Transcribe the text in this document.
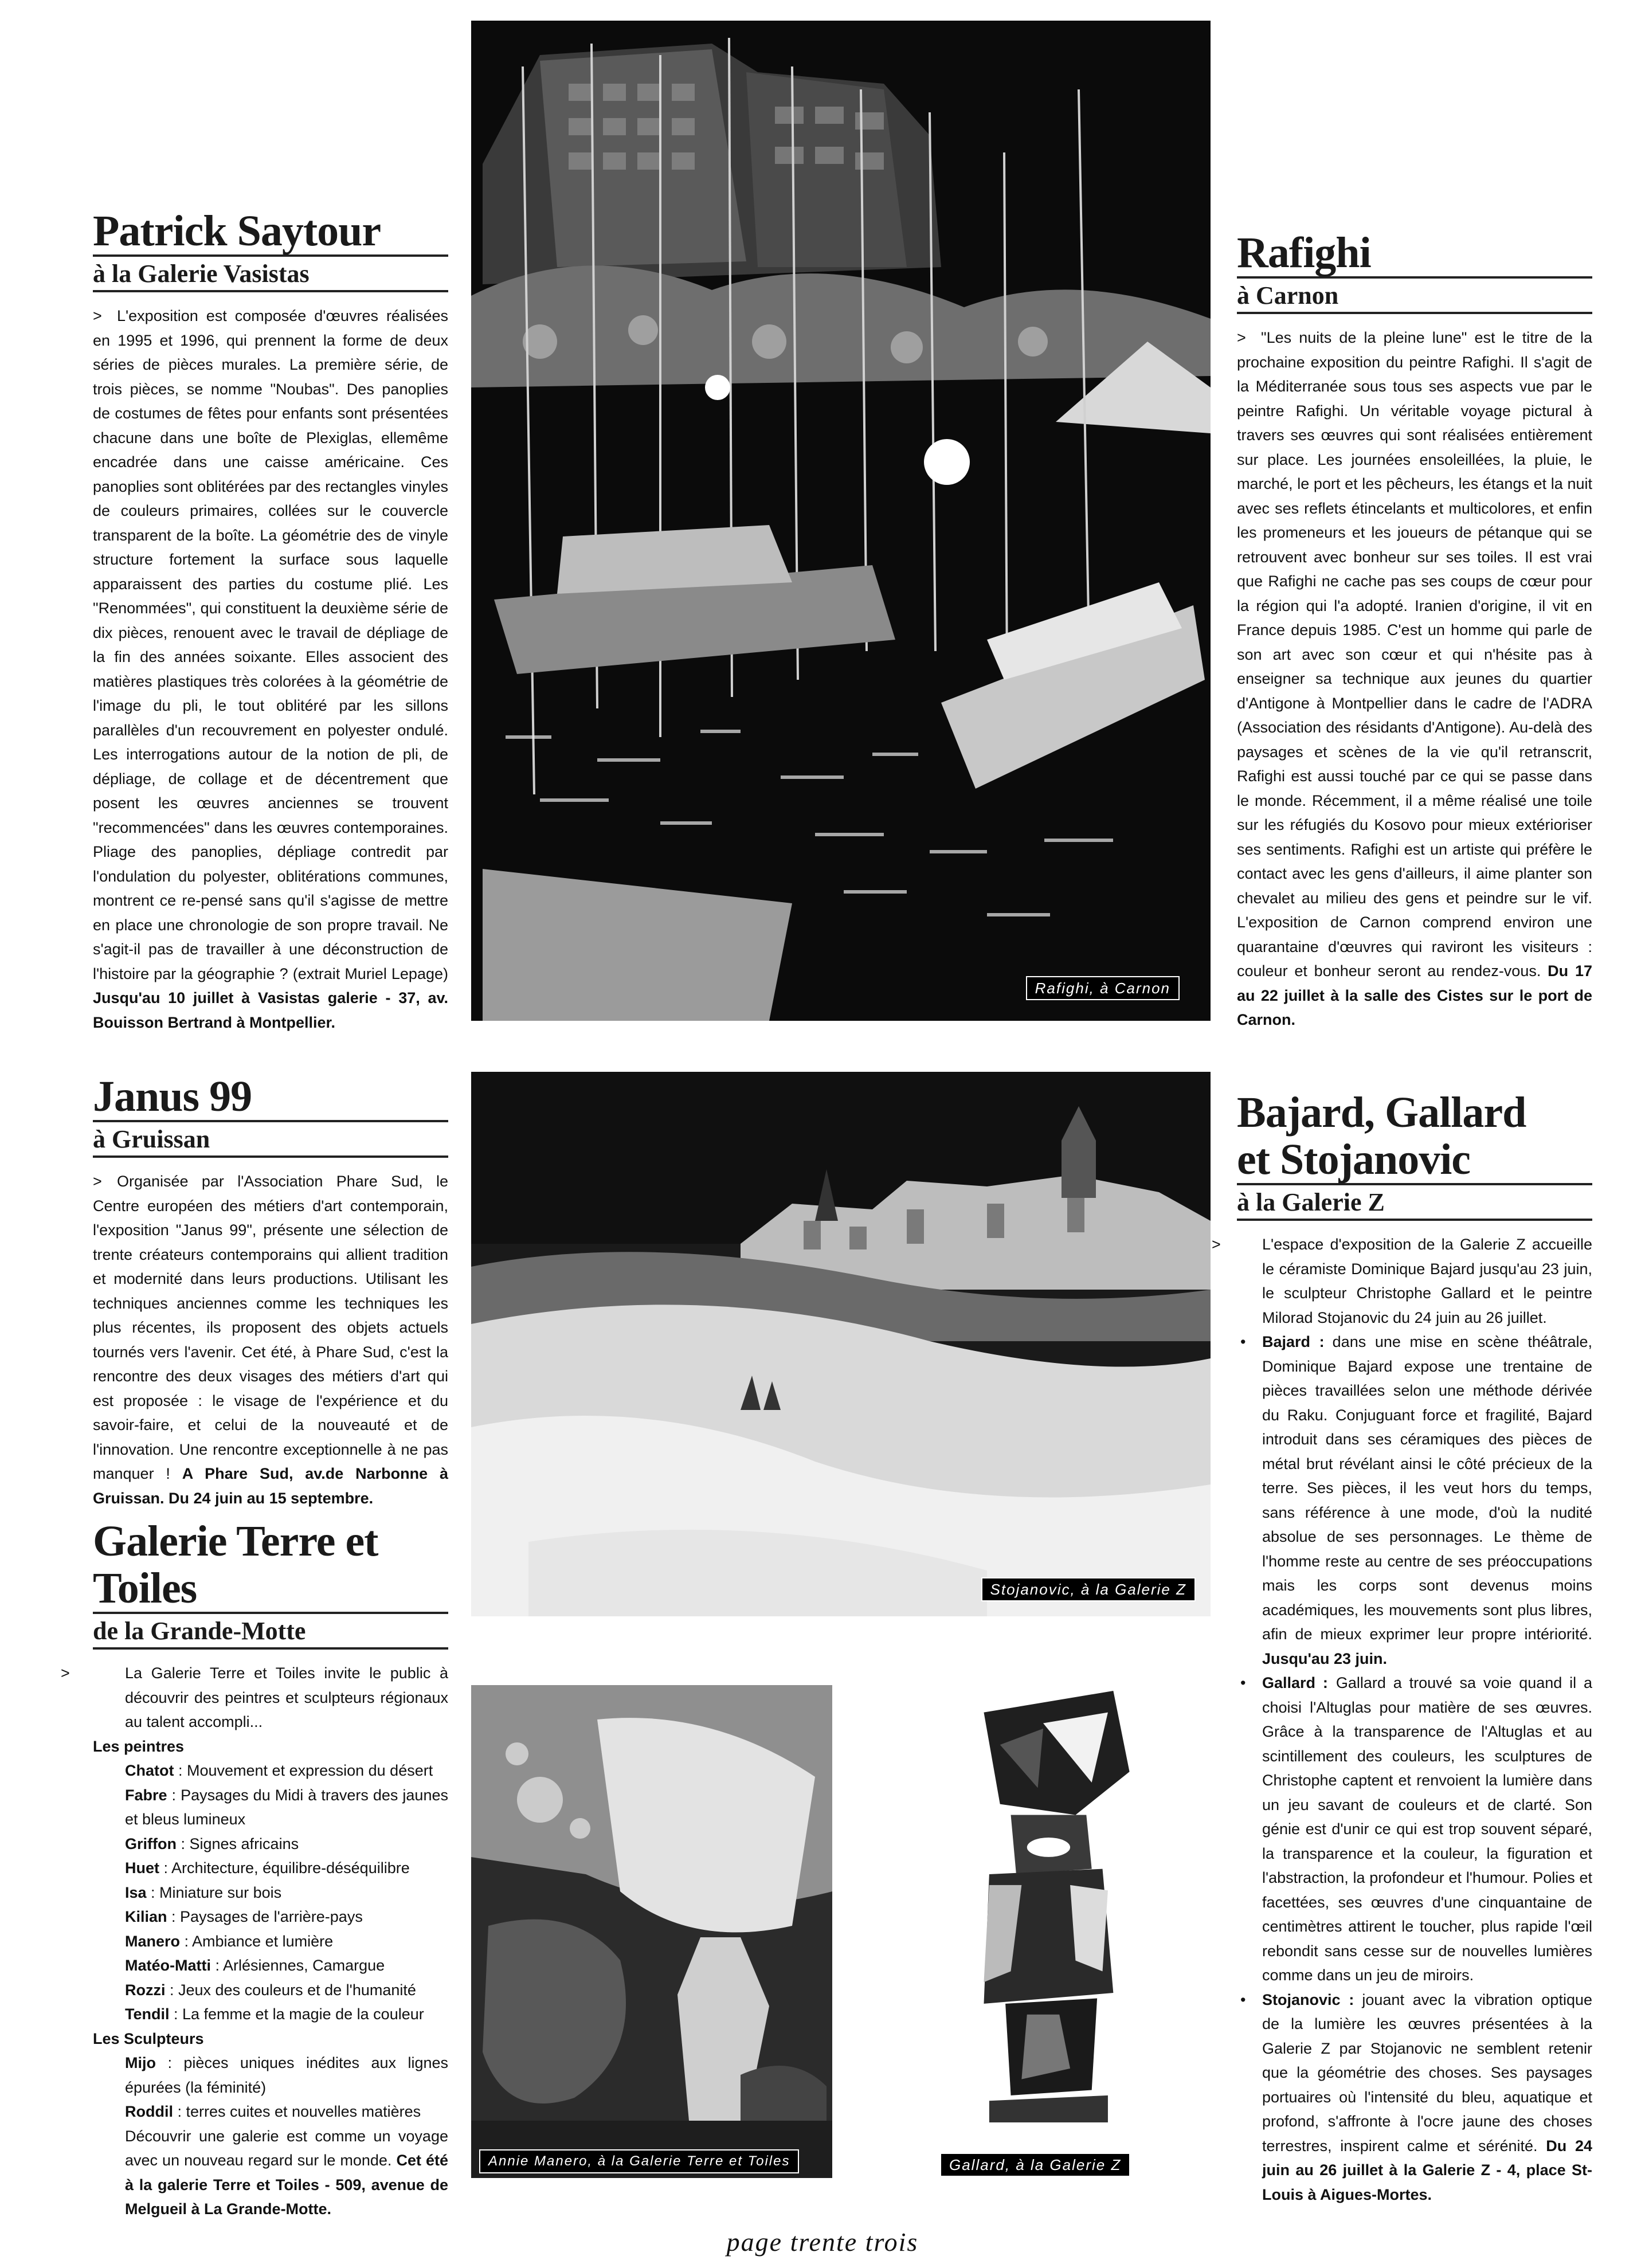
Patrick Saytour
à la Galerie Vasistas

> L'exposition est composée d'œuvres réalisées en 1995 et 1996, qui prennent la forme de deux séries de pièces murales. La première série, de trois pièces, se nomme "Noubas". Des panoplies de costumes de fêtes pour enfants sont présentées chacune dans une boîte de Plexiglas, ellemême encadrée dans une caisse américaine. Ces panoplies sont oblitérées par des rectangles vinyles de couleurs primaires, collées sur le couvercle transparent de la boîte. La géométrie des de vinyle structure fortement la surface sous laquelle apparaissent des parties du costume plié. Les "Renommées", qui constituent la deuxième série de dix pièces, renouent avec le travail de dépliage de la fin des années soixante. Elles associent des matières plastiques très colorées à la géométrie de l'image du pli, le tout oblitéré par les sillons parallèles d'un recouvrement en polyester ondulé. Les interrogations autour de la notion de pli, de dépliage, de collage et de décentrement que posent les œuvres anciennes se trouvent "recommencées" dans les œuvres contemporaines. Pliage des panoplies, dépliage contredit par l'ondulation du polyester, oblitérations communes, montrent ce re-pensé sans qu'il s'agisse de mettre en place une chronologie de son propre travail. Ne s'agit-il pas de travailler à une déconstruction de l'histoire par la géographie ? (extrait Muriel Lepage) Jusqu'au 10 juillet à Vasistas galerie - 37, av. Bouisson Bertrand à Montpellier.

Janus 99
à Gruissan

> Organisée par l'Association Phare Sud, le Centre européen des métiers d'art contemporain, l'exposition "Janus 99", présente une sélection de trente créateurs contemporains qui allient tradition et modernité dans leurs productions. Utilisant les techniques anciennes comme les techniques les plus récentes, ils proposent des objets actuels tournés vers l'avenir. Cet été, à Phare Sud, c'est la rencontre des deux visages des métiers d'art qui est proposée : le visage de l'expérience et du savoir-faire, et celui de la nouveauté et de l'innovation. Une rencontre exceptionnelle à ne pas manquer ! A Phare Sud, av.de Narbonne à Gruissan. Du 24 juin au 15 septembre.

Galerie Terre et Toiles
de la Grande-Motte

>	La Galerie Terre et Toiles invite le public à découvrir des peintres et sculpteurs régionaux au talent accompli...

Les peintres
Chatot : Mouvement et expression du désert
Fabre : Paysages du Midi à travers des jaunes et bleus lumineux
Griffon : Signes africains
Huet : Architecture, équilibre-déséquilibre
Isa : Miniature sur bois
Kilian : Paysages de l'arrière-pays
Manero : Ambiance et lumière
Matéo-Matti : Arlésiennes, Camargue
Rozzi : Jeux des couleurs et de l'humanité
Tendil : La femme et la magie de la couleur
Les Sculpteurs
Mijo : pièces uniques inédites aux lignes épurées (la féminité)
Roddil : terres cuites et nouvelles matières
Découvrir une galerie est comme un voyage avec un nouveau regard sur le monde. Cet été à la galerie Terre et Toiles - 509, avenue de Melgueil à La Grande-Motte.
Rafighi, à Carnon
Stojanovic, à la Galerie Z
Annie Manero, à la Galerie Terre et Toiles	Gallard, à la Galerie Z
Rafighi
à Carnon

> "Les nuits de la pleine lune" est le titre de la prochaine exposition du peintre Rafighi. Il s'agit de la Méditerranée sous tous ses aspects vue par le peintre Rafighi. Un véritable voyage pictural à travers ses œuvres qui sont réalisées entièrement sur place. Les journées ensoleillées, la pluie, le marché, le port et les pêcheurs, les étangs et la nuit avec ses reflets étincelants et multicolores, et enfin les promeneurs et les joueurs de pétanque qui se retrouvent avec bonheur sur ses toiles. Il est vrai que Rafighi ne cache pas ses coups de cœur pour la région qui l'a adopté. Iranien d'origine, il vit en France depuis 1985. C'est un homme qui parle de son art avec son cœur et qui n'hésite pas à enseigner sa technique aux jeunes du quartier d'Antigone à Montpellier dans le cadre de l'ADRA (Association des résidants d'Antigone). Au-delà des paysages et scènes de la vie qu'il retranscrit, Rafighi est aussi touché par ce qui se passe dans le monde. Récemment, il a même réalisé une toile sur les réfugiés du Kosovo pour mieux extérioriser ses sentiments. Rafighi est un artiste qui préfère le contact avec les gens d'ailleurs, il aime planter son chevalet au milieu des gens et peindre sur le vif. L'exposition de Carnon comprend environ une quarantaine d'œuvres qui raviront les visiteurs : couleur et bonheur seront au rendez-vous. Du 17 au 22 juillet à la salle des Cistes sur le port de Carnon.

Bajard, Gallard
et Stojanovic
à la Galerie Z

>	L'espace d'exposition de la Galerie Z accueille le céramiste Dominique Bajard jusqu'au 23 juin, le sculpteur Christophe Gallard et le peintre Milorad Stojanovic du 24 juin au 26 juillet.

• Bajard : dans une mise en scène théâtrale, Dominique Bajard expose une trentaine de pièces travaillées selon une méthode dérivée du Raku. Conjuguant force et fragilité, Bajard introduit dans ses céramiques des pièces de métal brut révélant ainsi le côté précieux de la terre. Ses pièces, il les veut hors du temps, sans référence à une mode, d'où la nudité absolue de ses personnages. Le thème de l'homme reste au centre de ses préoccupations mais les corps sont devenus moins académiques, les mouvements sont plus libres, afin de mieux exprimer leur propre intériorité. Jusqu'au 23 juin.
• Gallard : Gallard a trouvé sa voie quand il a choisi l'Altuglas pour matière de ses œuvres. Grâce à la transparence de l'Altuglas et au scintillement des couleurs, les sculptures de Christophe captent et renvoient la lumière dans un jeu savant de couleurs et de clarté. Son génie est d'unir ce qui est trop souvent séparé, la transparence et la couleur, la figuration et l'abstraction, la profondeur et l'humour. Polies et facettées, ses œuvres d'une cinquantaine de centimètres attirent le toucher, plus rapide l'œil rebondit sans cesse sur de nouvelles lumières comme dans un jeu de miroirs.
• Stojanovic : jouant avec la vibration optique de la lumière les œuvres présentées à la Galerie Z par Stojanovic ne semblent retenir que la géométrie des choses. Ses paysages portuaires où l'intensité du bleu, aquatique et profond, s'affronte à l'ocre jaune des choses terrestres, inspirent calme et sérénité. Du 24 juin au 26 juillet à la Galerie Z - 4, place St-Louis à Aigues-Mortes.
page trente trois
